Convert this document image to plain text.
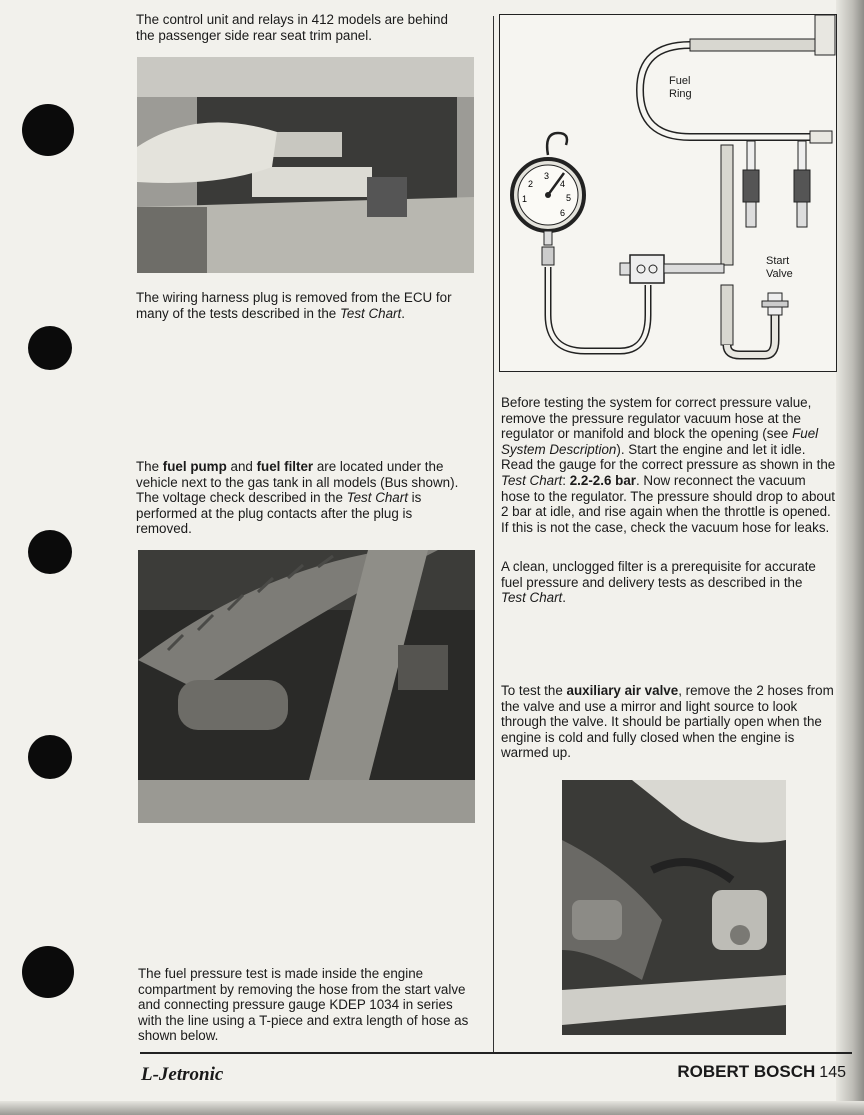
The control unit and relays in 412 models are behind the passenger side rear seat trim panel.
The wiring harness plug is removed from the ECU for many of the tests described in the Test Chart.
The fuel pump and fuel filter are located under the vehicle next to the gas tank in all models (Bus shown). The voltage check described in the Test Chart is performed at the plug contacts after the plug is removed.
The fuel pressure test is made inside the engine compartment by removing the hose from the start valve and connecting pressure gauge KDEP 1034 in series with the line using a T-piece and extra length of hose as shown below.
1
2
3
4
5
6
Fuel
Ring
Start
Valve
Before testing the system for correct pressure value, remove the pressure regulator vacuum hose at the regulator or manifold and block the opening (see Fuel System Description). Start the engine and let it idle. Read the gauge for the correct pressure as shown in the Test Chart: 2.2-2.6 bar. Now reconnect the vacuum hose to the regulator. The pressure should drop to about 2 bar at idle, and rise again when the throttle is opened. If this is not the case, check the vacuum hose for leaks.
A clean, unclogged filter is a prerequisite for accurate fuel pressure and delivery tests as described in the Test Chart.
To test the auxiliary air valve, remove the 2 hoses from the valve and use a mirror and light source to look through the valve. It should be partially open when the engine is cold and fully closed when the engine is warmed up.
L-Jetronic	ROBERT BOSCH 145
